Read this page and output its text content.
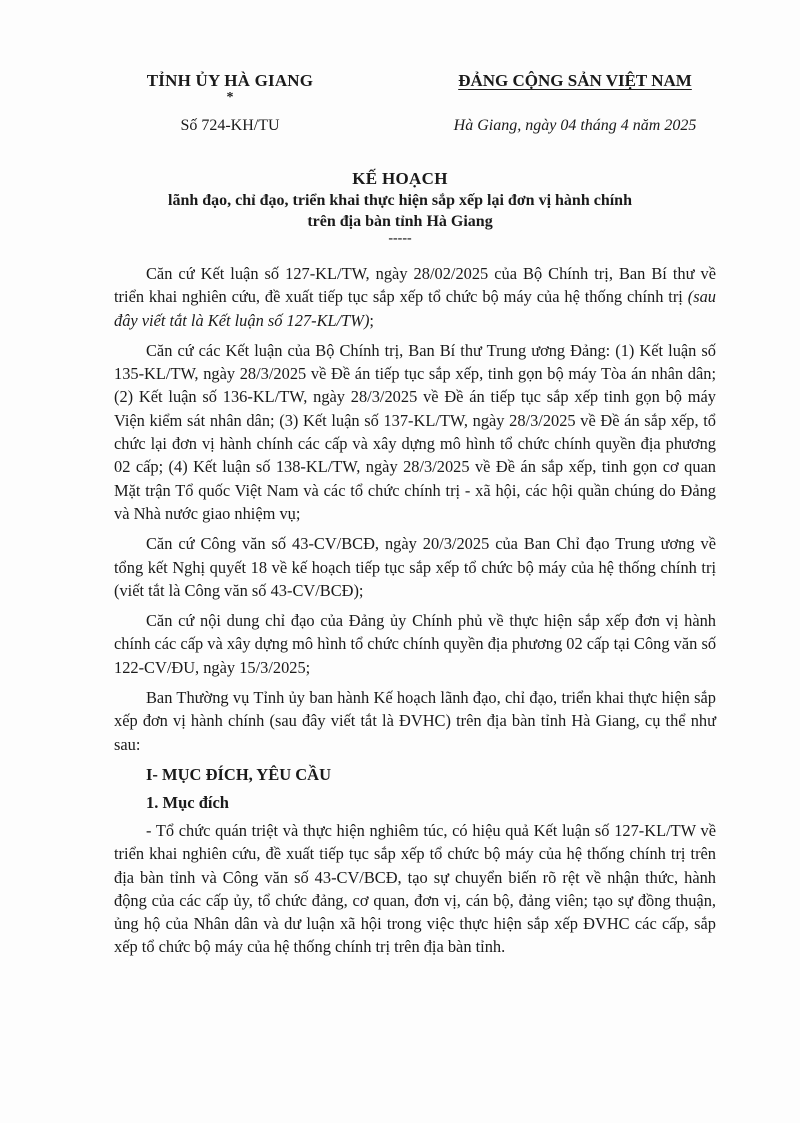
TỈNH ỦY HÀ GIANG
*
Số 724-KH/TU
ĐẢNG CỘNG SẢN VIỆT NAM
Hà Giang, ngày 04 tháng 4 năm 2025
KẾ HOẠCH
lãnh đạo, chỉ đạo, triển khai thực hiện sắp xếp lại đơn vị hành chính
trên địa bàn tỉnh Hà Giang
-----

Căn cứ Kết luận số 127-KL/TW, ngày 28/02/2025 của Bộ Chính trị, Ban Bí thư về triển khai nghiên cứu, đề xuất tiếp tục sắp xếp tổ chức bộ máy của hệ thống chính trị (sau đây viết tắt là Kết luận số 127-KL/TW);

Căn cứ các Kết luận của Bộ Chính trị, Ban Bí thư Trung ương Đảng: (1) Kết luận số 135-KL/TW, ngày 28/3/2025 về Đề án tiếp tục sắp xếp, tinh gọn bộ máy Tòa án nhân dân; (2) Kết luận số 136-KL/TW, ngày 28/3/2025 về Đề án tiếp tục sắp xếp tinh gọn bộ máy Viện kiểm sát nhân dân; (3) Kết luận số 137-KL/TW, ngày 28/3/2025 về Đề án sắp xếp, tổ chức lại đơn vị hành chính các cấp và xây dựng mô hình tổ chức chính quyền địa phương 02 cấp; (4) Kết luận số 138-KL/TW, ngày 28/3/2025 về Đề án sắp xếp, tinh gọn cơ quan Mặt trận Tổ quốc Việt Nam và các tổ chức chính trị - xã hội, các hội quần chúng do Đảng và Nhà nước giao nhiệm vụ;

Căn cứ Công văn số 43-CV/BCĐ, ngày 20/3/2025 của Ban Chỉ đạo Trung ương về tổng kết Nghị quyết 18 về kế hoạch tiếp tục sắp xếp tổ chức bộ máy của hệ thống chính trị (viết tắt là Công văn số 43-CV/BCĐ);

Căn cứ nội dung chỉ đạo của Đảng ủy Chính phủ về thực hiện sắp xếp đơn vị hành chính các cấp và xây dựng mô hình tổ chức chính quyền địa phương 02 cấp tại Công văn số 122-CV/ĐU, ngày 15/3/2025;

Ban Thường vụ Tỉnh ủy ban hành Kế hoạch lãnh đạo, chỉ đạo, triển khai thực hiện sắp xếp đơn vị hành chính (sau đây viết tắt là ĐVHC) trên địa bàn tỉnh Hà Giang, cụ thể như sau:

I- MỤC ĐÍCH, YÊU CẦU
1. Mục đích

- Tổ chức quán triệt và thực hiện nghiêm túc, có hiệu quả Kết luận số 127-KL/TW về triển khai nghiên cứu, đề xuất tiếp tục sắp xếp tổ chức bộ máy của hệ thống chính trị trên địa bàn tỉnh và Công văn số 43-CV/BCĐ, tạo sự chuyển biến rõ rệt về nhận thức, hành động của các cấp ủy, tổ chức đảng, cơ quan, đơn vị, cán bộ, đảng viên; tạo sự đồng thuận, ủng hộ của Nhân dân và dư luận xã hội trong việc thực hiện sắp xếp ĐVHC các cấp, sắp xếp tổ chức bộ máy của hệ thống chính trị trên địa bàn tỉnh.
